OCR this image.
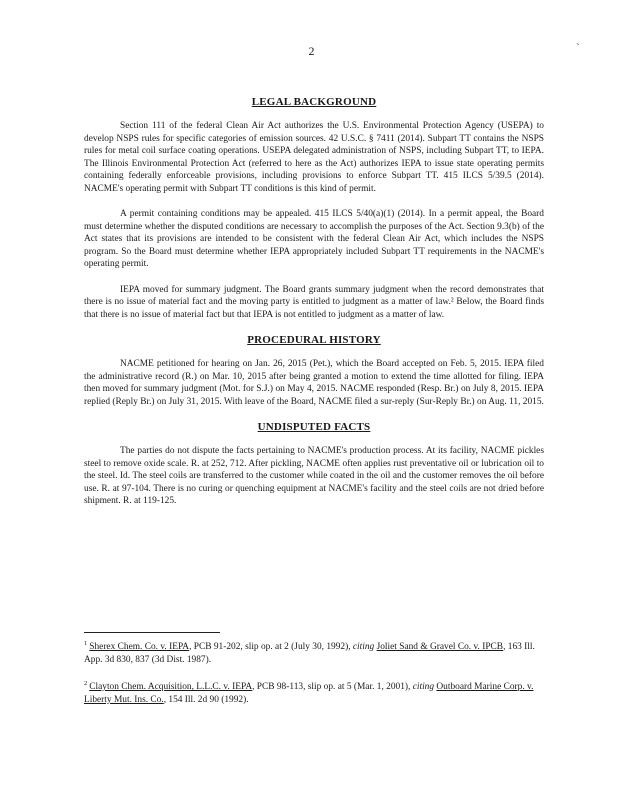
2	`
LEGAL BACKGROUND

Section 111 of the federal Clean Air Act authorizes the U.S. Environmental Protection Agency (USEPA) to develop NSPS rules for specific categories of emission sources. 42 U.S.C. § 7411 (2014). Subpart TT contains the NSPS rules for metal coil surface coating operations. USEPA delegated administration of NSPS, including Subpart TT, to IEPA. The Illinois Environmental Protection Act (referred to here as the Act) authorizes IEPA to issue state operating permits containing federally enforceable provisions, including provisions to enforce Subpart TT. 415 ILCS 5/39.5 (2014). NACME's operating permit with Subpart TT conditions is this kind of permit.

A permit containing conditions may be appealed. 415 ILCS 5/40(a)(1) (2014). In a permit appeal, the Board must determine whether the disputed conditions are necessary to accomplish the purposes of the Act. Section 9.3(b) of the Act states that its provisions are intended to be consistent with the federal Clean Air Act, which includes the NSPS program. So the Board must determine whether IEPA appropriately included Subpart TT requirements in the NACME's operating permit.

IEPA moved for summary judgment. The Board grants summary judgment when the record demonstrates that there is no issue of material fact and the moving party is entitled to judgment as a matter of law.² Below, the Board finds that there is no issue of material fact but that IEPA is not entitled to judgment as a matter of law.

PROCEDURAL HISTORY

NACME petitioned for hearing on Jan. 26, 2015 (Pet.), which the Board accepted on Feb. 5, 2015. IEPA filed the administrative record (R.) on Mar. 10, 2015 after being granted a motion to extend the time allotted for filing. IEPA then moved for summary judgment (Mot. for S.J.) on May 4, 2015. NACME responded (Resp. Br.) on July 8, 2015. IEPA replied (Reply Br.) on July 31, 2015. With leave of the Board, NACME filed a sur-reply (Sur-Reply Br.) on Aug. 11, 2015.

UNDISPUTED FACTS

The parties do not dispute the facts pertaining to NACME's production process. At its facility, NACME pickles steel to remove oxide scale. R. at 252, 712. After pickling, NACME often applies rust preventative oil or lubrication oil to the steel. Id. The steel coils are transferred to the customer while coated in the oil and the customer removes the oil before use. R. at 97-104. There is no curing or quenching equipment at NACME's facility and the steel coils are not dried before shipment. R. at 119-125.

$^1$ Sherex Chem. Co. v. IEPA, PCB 91-202, slip op. at 2 (July 30, 1992), citing Joliet Sand & Gravel Co. v. IPCB, 163 Ill. App. 3d 830, 837 (3d Dist. 1987).

$^2$ Clayton Chem. Acquisition, L.L.C. v. IEPA, PCB 98-113, slip op. at 5 (Mar. 1, 2001), citing Outboard Marine Corp. v. Liberty Mut. Ins. Co., 154 Ill. 2d 90 (1992).
